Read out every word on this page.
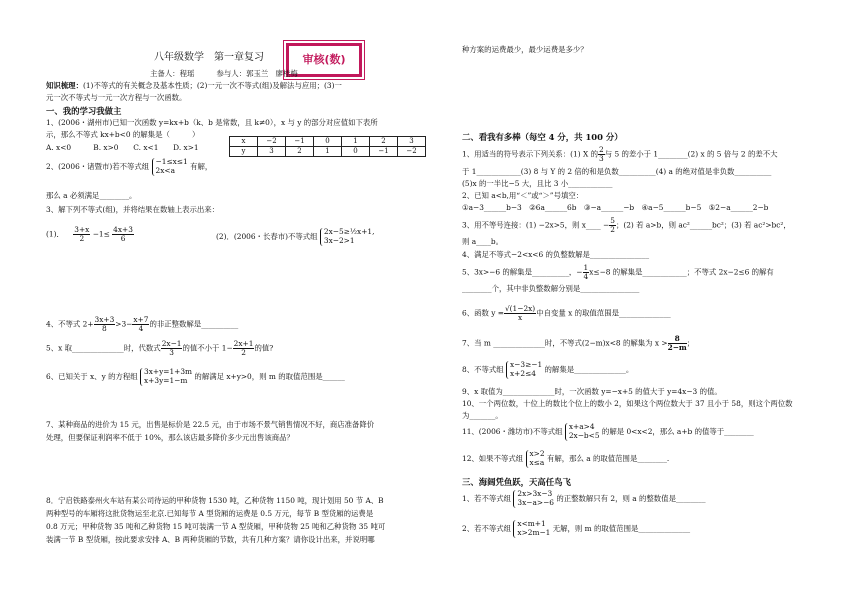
八年级数学　第一章复习	审核(数)
主备人：程瑶　　　参与人：郭玉兰　廖桂梅
知识梳理：(1)不等式的有关概念及基本性质；(2)一元一次不等式(组)及解法与应用；(3)一
元一次不等式与一元一次方程与一次函数。
一、我的学习我做主
1、(2006・湖州市)已知一次函数 y=kx+b（k、b 是常数，且 k≠0），x 与 y 的部分对应值如下表所
示，那么不等式 kx+b<0 的解集是（　　　）
A. x<0　　　B. x>0　　C. x<1　　D. x>1
x	−2	−1	0	1	2	3
y	3	2	1	0	−1	−2
2、(2006・诸暨市)若不等式组
−1≤x≤1
2x<a	有解，
那么 a 必须满足________。
3、解下列不等式(组)，并将结果在数轴上表示出来：
(1)． $\frac{3+x}{2} -1\le \frac{4x+3}{6}$	(2)．(2006・长春市)不等式组
2x−5≥½x+1,
3x−2>1
4、不等式 $2+ \frac{3x+3}{8} >3- \frac{x+7}{4}$ 的非正整数解是__________
5、x 取______________时，代数式 $\frac{2x-1}{3}$ 的值不小于 $1- \frac{2x+1}{2}$ 的值?
6、已知关于 x、y 的方程组
3x+y=1+3m
x+3y=1−m 的解满足 x+y>0，则 m 的取值范围是______
7、某种商品的进价为 15 元，出售是标价是 22.5 元，由于市场不景气销售情况不好，商店准备降价
处理，但要保证利润率不低于 10%，那么该店最多降价多少元出售该商品？
8．宁启铁路泰州火车站有某公司待运的甲种货物 1530 吨，乙种货物 1150 吨，现计划用 50 节 A、B
两种型号的车厢将这批货物运至北京.已知每节 A 型货厢的运费是 0.5 万元，每节 B 型货厢的运费是
0.8 万元；甲种货物 35 吨和乙种货物 15 吨可装满一节 A 型货厢，甲种货物 25 吨和乙种货物 35 吨可
装满一节 B 型货厢，按此要求安排 A、B 两种货厢的节数，共有几种方案？请你设计出来，并说明哪
种方案的运费最少，最少运费是多少？
二、看我有多棒（每空 4 分，共 100 分）
1、用适当的符号表示下列关系：(1) X 的 $\frac{2}{3}$ 与 5 的差小于 1________(2) x 的 5 倍与 2 的差不大
于 1____________(3) 8 与 Y 的 2 倍的和是负数__________(4) a 的绝对值是非负数__________
(5)x 的一半比−5 大，且比 3 小____________
2、已知 a<b,用“＜”或“＞”号填空：
①a−3______b−3　②6a______6b　③−a______−b　④a−5______b−5　⑤2−a______2−b
3、用不等号连接：(1) −2x>5，则 x____ − $\frac{5}{2}$ ；(2) 若 a>b，则 ac²______bc²；(3) 若 ac²>bc²，
则 a____b。
4、满足不等式−2<x<6 的负整数解是________________
5、3x>−6 的解集是__________，− $\frac{1}{4} x\le-8$ 的解集是____________；不等式 2x−2≤6 的解有
________个，其中非负整数解分别是________________
6、函数 $y = \frac{√(1-2x)}{x}$ 中自变量 x 的取值范围是______________
7、当 m ______________时，不等式(2−m)x<8 的解集为 $x > \frac{8}{2-m}$ ；
8、不等式组
x−3≥−1
x+2≤4	的解集是______________。
9、x 取值为______________时，一次函数 y=−x+5 的值大于 y=4x−3 的值。
10、一个两位数，十位上的数比个位上的数小 2，如果这个两位数大于 37 且小于 58，则这个两位数
为_______。
11、(2006・潍坊市)不等式组
x+a>4
2x−b<5 的解是 0<x<2，那么 a+b 的值等于________
12、如果不等式组
x>2
x≤a 有解，那么 a 的取值范围是________.
三、海阔凭鱼跃，天高任鸟飞
1、若不等式组
2x>3x−3
3x−a>−6 的正整数解只有 2，则 a 的整数值是________
2、若不等式组
x<m+1
x>2m−1 无解，则 m 的取值范围是______________
